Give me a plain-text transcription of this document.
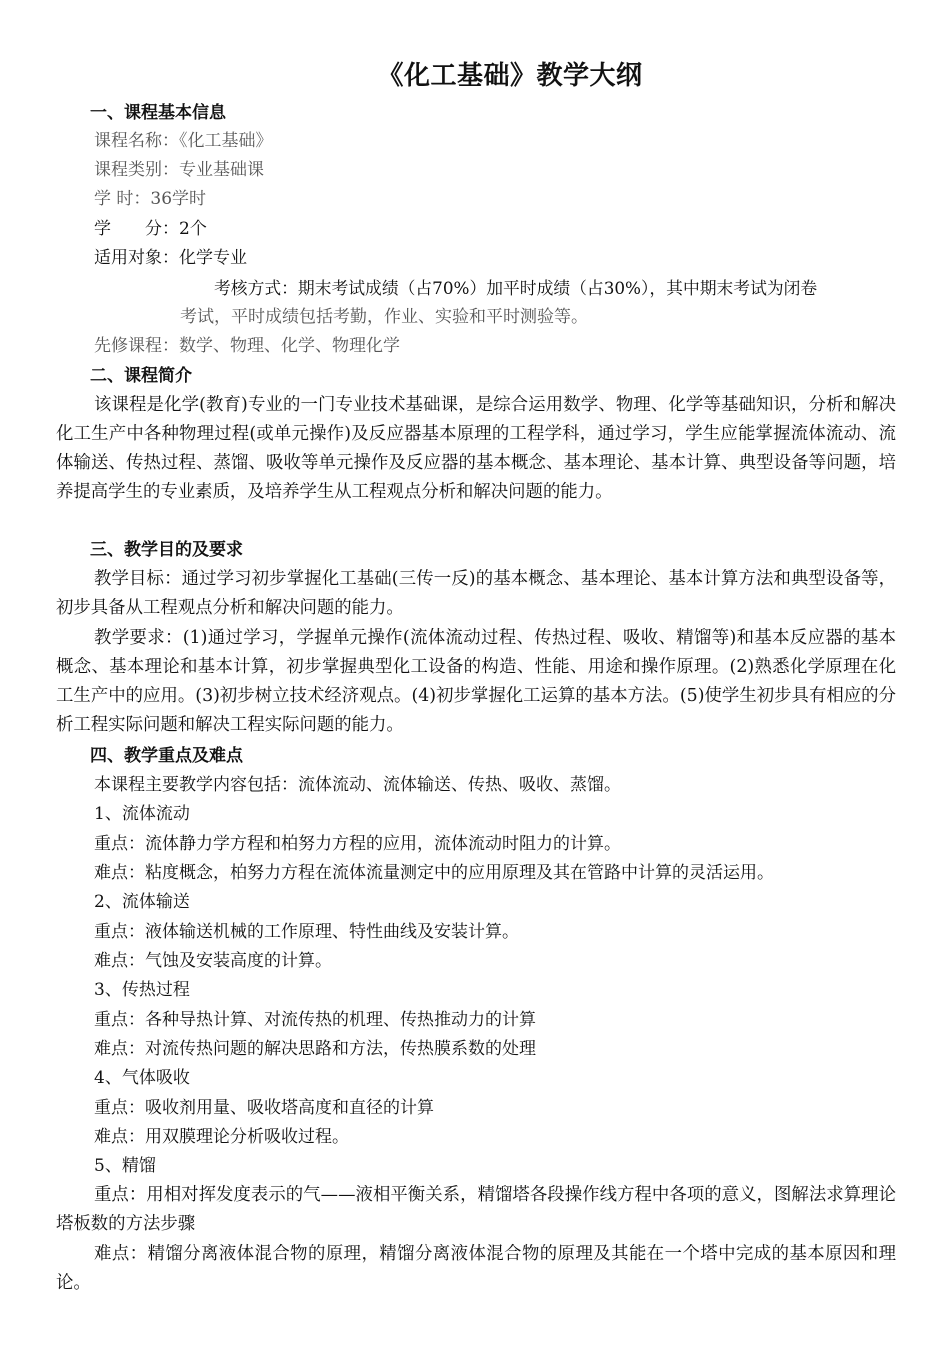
《化工基础》教学大纲
一、课程基本信息
课程名称：《化工基础》
课程类别：专业基础课
学 时：36学时
学　　分：2个
适用对象：化学专业
考核方式：期末考试成绩（占70%）加平时成绩（占30%），其中期末考试为闭卷
考试，平时成绩包括考勤，作业、实验和平时测验等。
先修课程：数学、物理、化学、物理化学
二、课程简介

该课程是化学(教育)专业的一门专业技术基础课，是综合运用数学、物理、化学等基础知识，分析和解决化工生产中各种物理过程(或单元操作)及反应器基本原理的工程学科，通过学习，学生应能掌握流体流动、流体输送、传热过程、蒸馏、吸收等单元操作及反应器的基本概念、基本理论、基本计算、典型设备等问题，培养提高学生的专业素质，及培养学生从工程观点分析和解决问题的能力。

三、教学目的及要求

教学目标：通过学习初步掌握化工基础(三传一反)的基本概念、基本理论、基本计算方法和典型设备等，初步具备从工程观点分析和解决问题的能力。

教学要求：(1)通过学习，学握单元操作(流体流动过程、传热过程、吸收、精馏等)和基本反应器的基本概念、基本理论和基本计算，初步掌握典型化工设备的构造、性能、用途和操作原理。(2)熟悉化学原理在化工生产中的应用。(3)初步树立技术经济观点。(4)初步掌握化工运算的基本方法。(5)使学生初步具有相应的分析工程实际问题和解决工程实际问题的能力。

四、教学重点及难点
本课程主要教学内容包括：流体流动、流体输送、传热、吸收、蒸馏。
1、流体流动
重点：流体静力学方程和柏努力方程的应用，流体流动时阻力的计算。
难点：粘度概念，柏努力方程在流体流量测定中的应用原理及其在管路中计算的灵活运用。
2、流体输送
重点：液体输送机械的工作原理、特性曲线及安装计算。
难点：气蚀及安装高度的计算。
3、传热过程
重点：各种导热计算、对流传热的机理、传热推动力的计算
难点：对流传热问题的解决思路和方法，传热膜系数的处理
4、气体吸收
重点：吸收剂用量、吸收塔高度和直径的计算
难点：用双膜理论分析吸收过程。
5、精馏

重点：用相对挥发度表示的气——液相平衡关系，精馏塔各段操作线方程中各项的意义，图解法求算理论塔板数的方法步骤

难点：精馏分离液体混合物的原理，精馏分离液体混合物的原理及其能在一个塔中完成的基本原因和理论。
